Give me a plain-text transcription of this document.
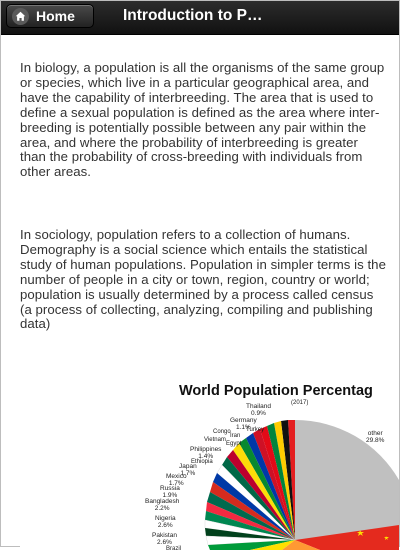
Home	Introduction to P…

In biology, a population is all the organisms of the same group or species, which live in a particular geographical area, and have the capability of interbreeding. The area that is used to define a sexual population is defined as the area where inter-breeding is potentially possible between any pair within the area, and where the probability of interbreeding is greater than the probability of cross-breeding with individuals from other areas.

In sociology, population refers to a collection of humans. Demography is a social science which entails the statistical study of human populations. Population in simpler terms is the number of people in a city or town, region, country or world; population is usually determined by a process called census (a process of collecting, analyzing, compiling and publishing data)

World Population Percentag
(2017)
Thailand
0.9%
Germany
1.1%
Turkey
Congo
Iran
Vietnam
Egypt
Philippines
1.4%
Ethiopia
Japan
1.7%
Mexico
1.7%
Russia
1.9%
Bangladesh
2.2%
Nigeria
2.6%
Pakistan
2.6%
Brazil
other
29.8%
